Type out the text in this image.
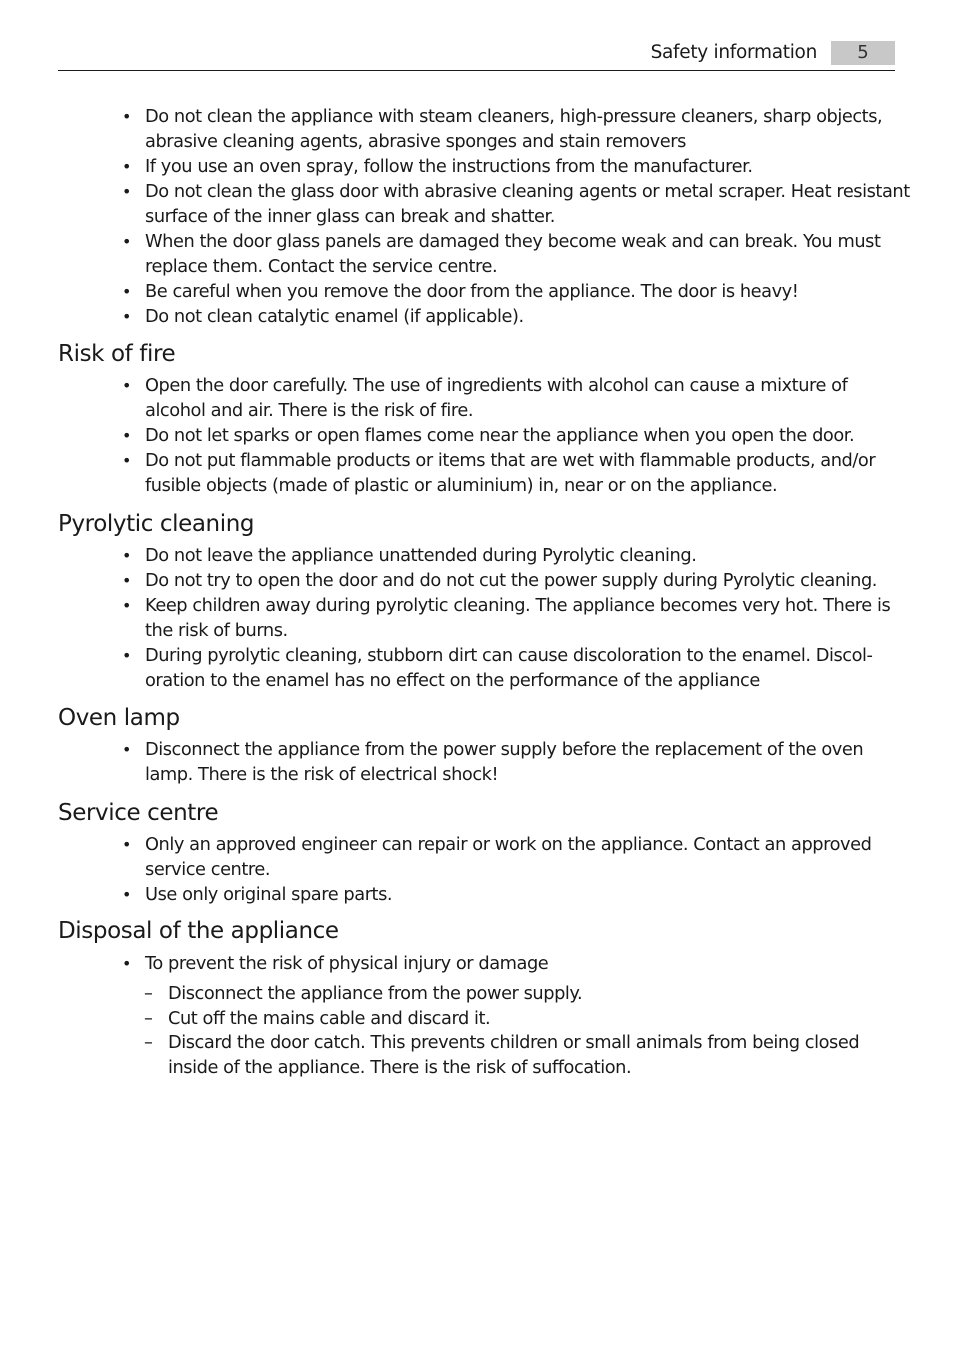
Safety information	5
• Do not clean the appliance with steam cleaners, high-pressure cleaners, sharp objects,
abrasive cleaning agents, abrasive sponges and stain removers
• If you use an oven spray, follow the instructions from the manufacturer.
• Do not clean the glass door with abrasive cleaning agents or metal scraper. Heat resistant
surface of the inner glass can break and shatter.
• When the door glass panels are damaged they become weak and can break. You must
replace them. Contact the service centre.
• Be careful when you remove the door from the appliance. The door is heavy!
• Do not clean catalytic enamel (if applicable).
Risk of fire
• Open the door carefully. The use of ingredients with alcohol can cause a mixture of
alcohol and air. There is the risk of fire.
• Do not let sparks or open flames come near the appliance when you open the door.
• Do not put flammable products or items that are wet with flammable products, and/or
fusible objects (made of plastic or aluminium) in, near or on the appliance.
Pyrolytic cleaning
• Do not leave the appliance unattended during Pyrolytic cleaning.
• Do not try to open the door and do not cut the power supply during Pyrolytic cleaning.
• Keep children away during pyrolytic cleaning. The appliance becomes very hot. There is
the risk of burns.
• During pyrolytic cleaning, stubborn dirt can cause discoloration to the enamel. Discol-
oration to the enamel has no effect on the performance of the appliance
Oven lamp
• Disconnect the appliance from the power supply before the replacement of the oven
lamp. There is the risk of electrical shock!
Service centre
• Only an approved engineer can repair or work on the appliance. Contact an approved
service centre.
• Use only original spare parts.
Disposal of the appliance
• To prevent the risk of physical injury or damage
– Disconnect the appliance from the power supply.
– Cut off the mains cable and discard it.
– Discard the door catch. This prevents children or small animals from being closed
inside of the appliance. There is the risk of suffocation.
